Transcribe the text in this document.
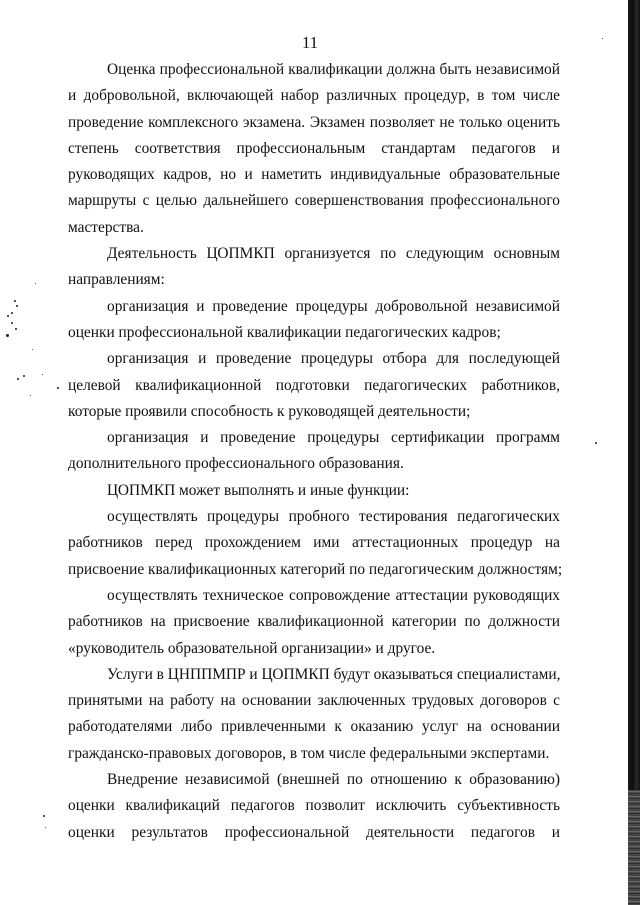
11
Оценка профессиональной квалификации должна быть независимой
и добровольной, включающей набор различных процедур, в том числе
проведение комплексного экзамена. Экзамен позволяет не только оценить
степень соответствия профессиональным стандартам педагогов и
руководящих кадров, но и наметить индивидуальные образовательные
маршруты с целью дальнейшего совершенствования профессионального
мастерства.
Деятельность ЦОПМКП организуется по следующим основным
направлениям:
организация и проведение процедуры добровольной независимой
оценки профессиональной квалификации педагогических кадров;
организация и проведение процедуры отбора для последующей
целевой квалификационной подготовки педагогических работников,
которые проявили способность к руководящей деятельности;
организация и проведение процедуры сертификации программ
дополнительного профессионального образования.
ЦОПМКП может выполнять и иные функции:
осуществлять процедуры пробного тестирования педагогических
работников перед прохождением ими аттестационных процедур на
присвоение квалификационных категорий по педагогическим должностям;
осуществлять техническое сопровождение аттестации руководящих
работников на присвоение квалификационной категории по должности
«руководитель образовательной организации» и другое.
Услуги в ЦНППМПР и ЦОПМКП будут оказываться специалистами,
принятыми на работу на основании заключенных трудовых договоров с
работодателями либо привлеченными к оказанию услуг на основании
гражданско-правовых договоров, в том числе федеральными экспертами.
Внедрение независимой (внешней по отношению к образованию)
оценки квалификаций педагогов позволит исключить субъективность
оценки результатов профессиональной деятельности педагогов и
